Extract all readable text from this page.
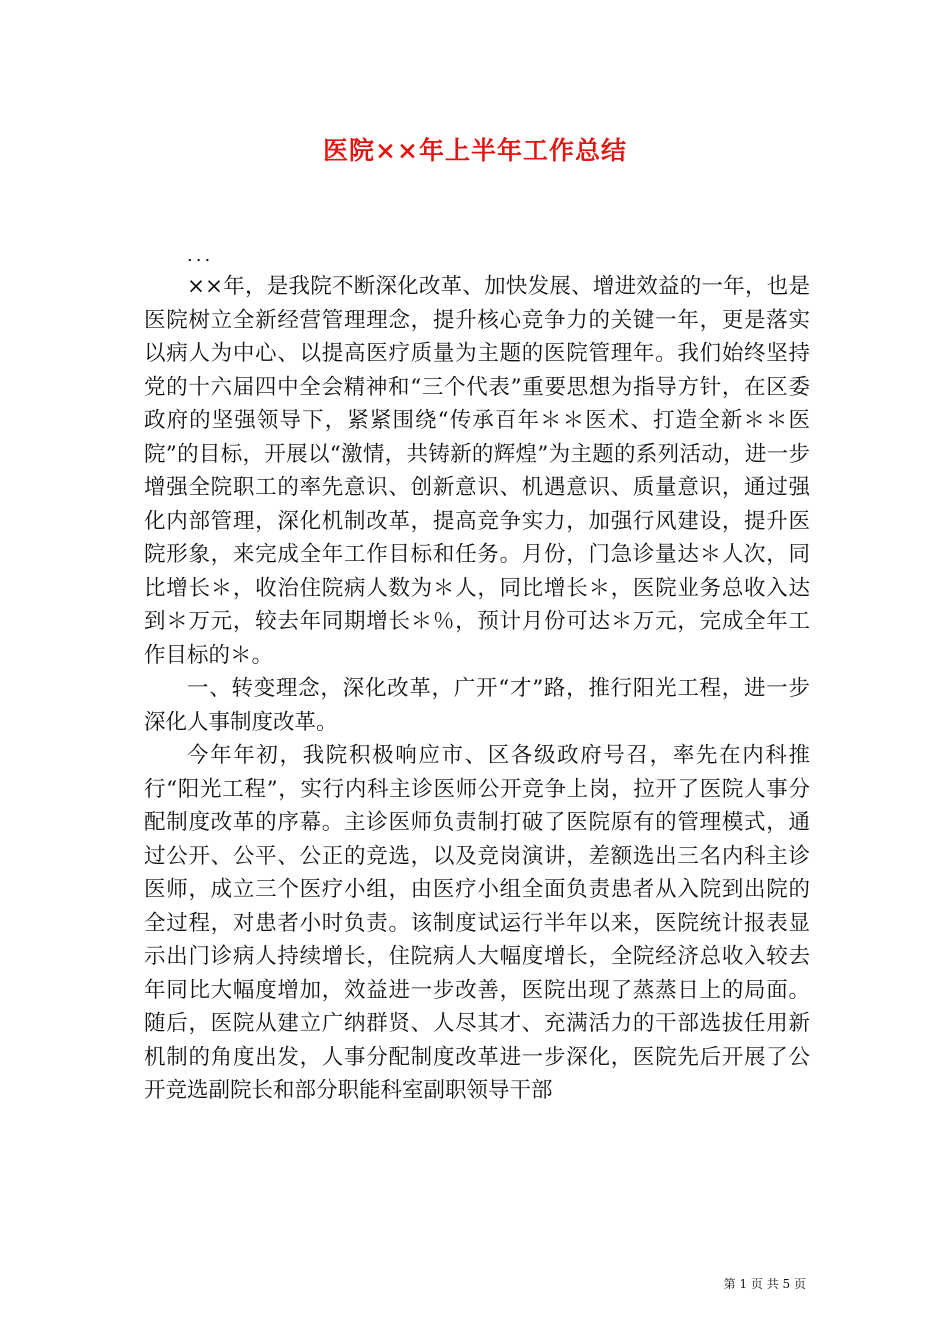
医院××年上半年工作总结
...

××年，是我院不断深化改革、加快发展、增进效益的一年，也是医院树立全新经营管理理念，提升核心竞争力的关键一年，更是落实以病人为中心、以提高医疗质量为主题的医院管理年。我们始终坚持党的十六届四中全会精神和“三个代表”重要思想为指导方针，在区委政府的坚强领导下，紧紧围绕“传承百年＊＊医术、打造全新＊＊医院”的目标，开展以“激情，共铸新的辉煌”为主题的系列活动，进一步增强全院职工的率先意识、创新意识、机遇意识、质量意识，通过强化内部管理，深化机制改革，提高竞争实力，加强行风建设，提升医院形象，来完成全年工作目标和任务。月份，门急诊量达＊人次，同比增长＊，收治住院病人数为＊人，同比增长＊，医院业务总收入达到＊万元，较去年同期增长＊％，预计月份可达＊万元，完成全年工作目标的＊。

一、转变理念，深化改革，广开“才”路，推行阳光工程，进一步深化人事制度改革。

今年年初，我院积极响应市、区各级政府号召，率先在内科推行“阳光工程”，实行内科主诊医师公开竞争上岗，拉开了医院人事分配制度改革的序幕。主诊医师负责制打破了医院原有的管理模式，通过公开、公平、公正的竞选，以及竞岗演讲，差额选出三名内科主诊医师，成立三个医疗小组，由医疗小组全面负责患者从入院到出院的全过程，对患者小时负责。该制度试运行半年以来，医院统计报表显示出门诊病人持续增长，住院病人大幅度增长，全院经济总收入较去年同比大幅度增加，效益进一步改善，医院出现了蒸蒸日上的局面。随后，医院从建立广纳群贤、人尽其才、充满活力的干部选拔任用新机制的角度出发，人事分配制度改革进一步深化，医院先后开展了公开竞选副院长和部分职能科室副职领导干部

第 1 页 共 5 页
